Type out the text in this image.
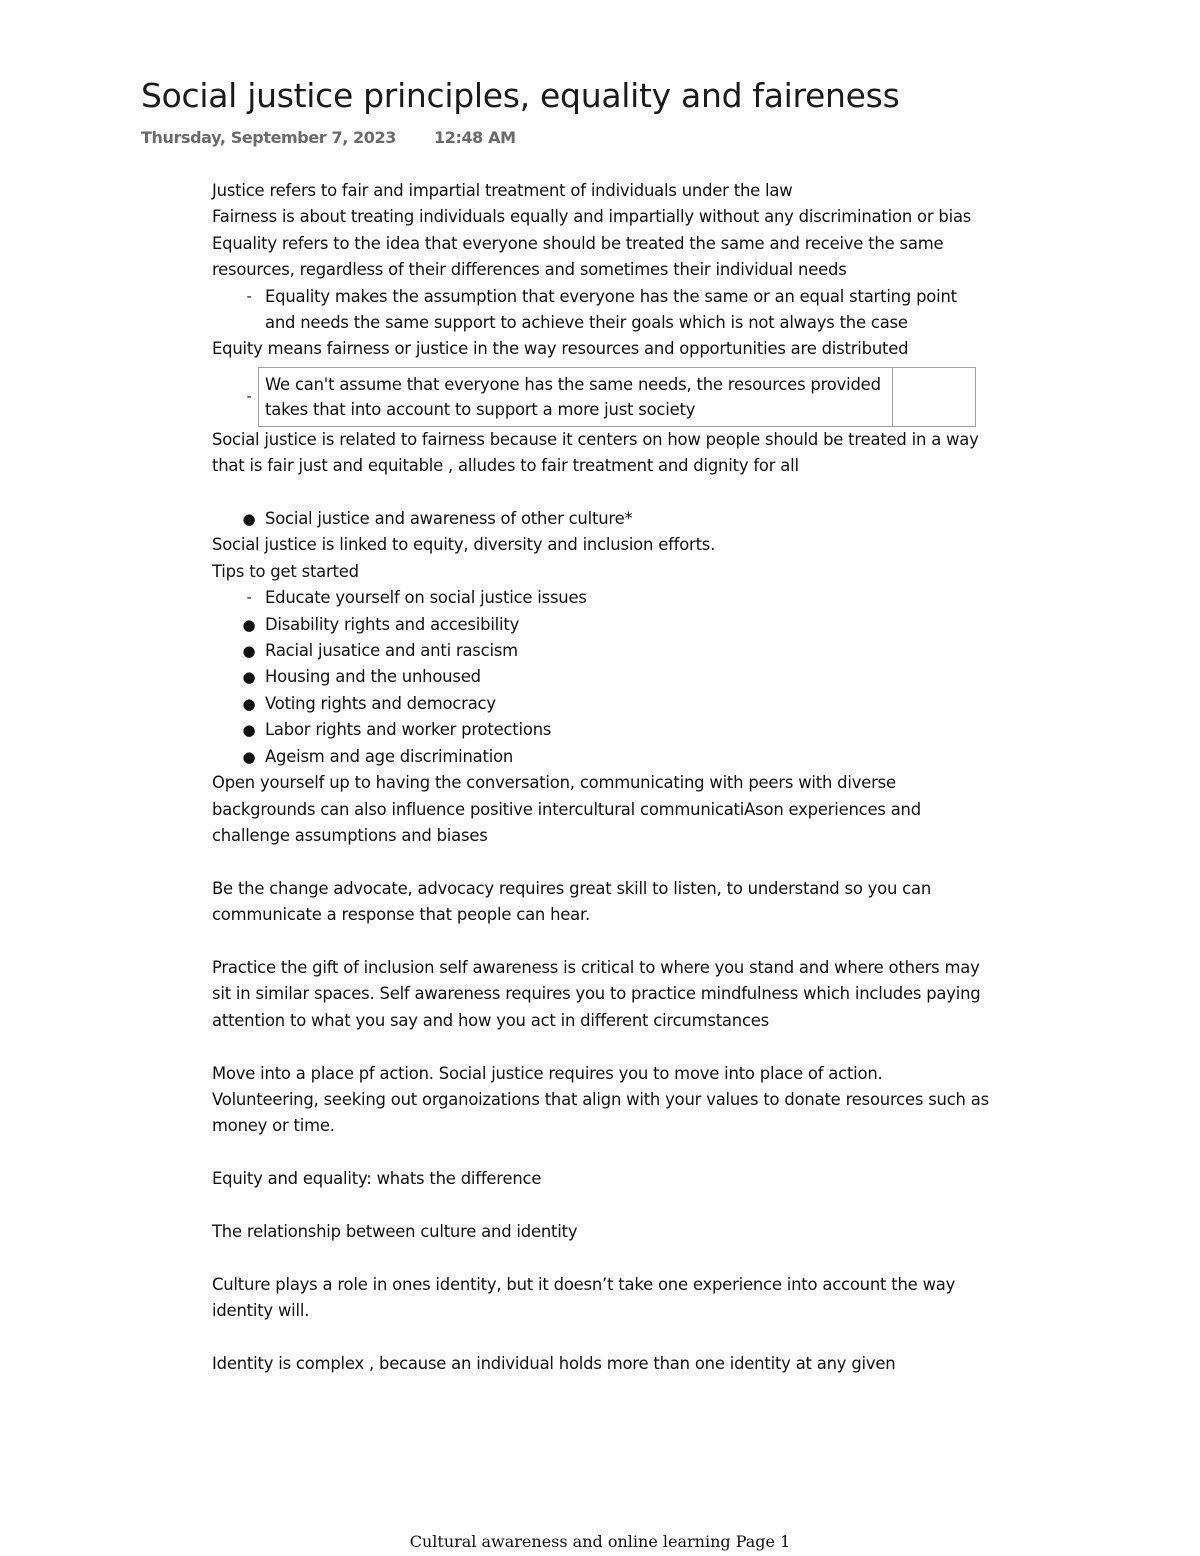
Social justice principles, equality and faireness
Thursday, September 7, 2023 12:48 AM
Justice refers to fair and impartial treatment of individuals under the law
Fairness is about treating individuals equally and impartially without any discrimination or bias
Equality refers to the idea that everyone should be treated the same and receive the same resources, regardless of their differences and sometimes their individual needs
- Equality makes the assumption that everyone has the same or an equal starting point and needs the same support to achieve their goals which is not always the case
Equity means fairness or justice in the way resources and opportunities are distributed
-
We can't assume that everyone has the same needs, the resources provided takes that into account to support a more just society
Social justice is related to fairness because it centers on how people should be treated in a way that is fair just and equitable , alludes to fair treatment and dignity for all
● Social justice and awareness of other culture*
Social justice is linked to equity, diversity and inclusion efforts.
Tips to get started
- Educate yourself on social justice issues
● Disability rights and accesibility
● Racial jusatice and anti rascism
● Housing and the unhoused
● Voting rights and democracy
● Labor rights and worker protections
● Ageism and age discrimination
Open yourself up to having the conversation, communicating with peers with diverse backgrounds can also influence positive intercultural communicatiAson experiences and challenge assumptions and biases
Be the change advocate, advocacy requires great skill to listen, to understand so you can communicate a response that people can hear.
Practice the gift of inclusion self awareness is critical to where you stand and where others may sit in similar spaces. Self awareness requires you to practice mindfulness which includes paying attention to what you say and how you act in different circumstances
Move into a place pf action. Social justice requires you to move into place of action. Volunteering, seeking out organoizations that align with your values to donate resources such as money or time.
Equity and equality: whats the difference
The relationship between culture and identity
Culture plays a role in ones identity, but it doesn’t take one experience into account the way identity will.
Identity is complex , because an individual holds more than one identity at any given
Cultural awareness and online learning Page 1
